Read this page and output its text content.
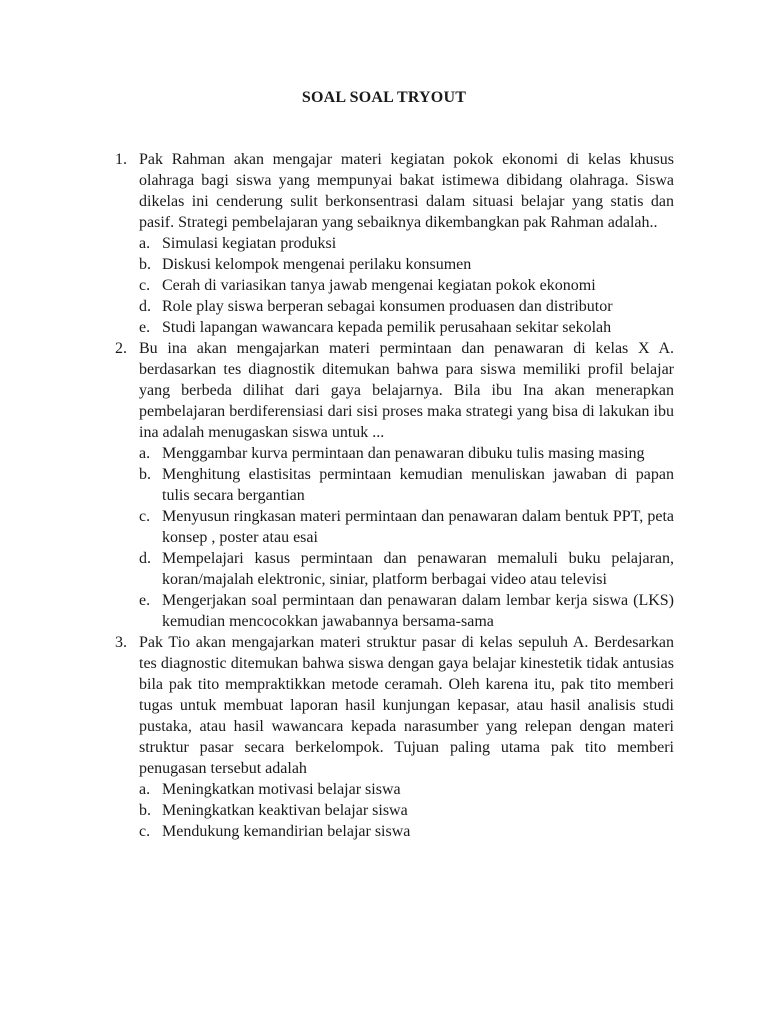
SOAL SOAL TRYOUT
1. Pak Rahman akan mengajar materi kegiatan pokok ekonomi di kelas khusus olahraga bagi siswa yang mempunyai bakat istimewa dibidang olahraga. Siswa dikelas ini cenderung sulit berkonsentrasi dalam situasi belajar yang statis dan pasif. Strategi pembelajaran yang sebaiknya dikembangkan pak Rahman adalah..
a. Simulasi kegiatan produksi
b. Diskusi kelompok mengenai perilaku konsumen
c. Cerah di variasikan tanya jawab mengenai kegiatan pokok ekonomi
d. Role play siswa berperan sebagai konsumen produasen dan distributor
e. Studi lapangan wawancara kepada pemilik perusahaan sekitar sekolah
2. Bu ina akan mengajarkan materi permintaan dan penawaran di kelas X A. berdasarkan tes diagnostik ditemukan bahwa para siswa memiliki profil belajar yang berbeda dilihat dari gaya belajarnya. Bila ibu Ina akan menerapkan pembelajaran berdiferensiasi dari sisi proses maka strategi yang bisa di lakukan ibu ina adalah menugaskan siswa untuk ...
a. Menggambar kurva permintaan dan penawaran dibuku tulis masing masing
b. Menghitung elastisitas permintaan kemudian menuliskan jawaban di papan tulis secara bergantian
c. Menyusun ringkasan materi permintaan dan penawaran dalam bentuk PPT, peta konsep , poster atau esai
d. Mempelajari kasus permintaan dan penawaran memaluli buku pelajaran, koran/majalah elektronic, siniar, platform berbagai video atau televisi
e. Mengerjakan soal permintaan dan penawaran dalam lembar kerja siswa (LKS) kemudian mencocokkan jawabannya bersama-sama
3. Pak Tio akan mengajarkan materi struktur pasar di kelas sepuluh A. Berdesarkan tes diagnostic ditemukan bahwa siswa dengan gaya belajar kinestetik tidak antusias bila pak tito mempraktikkan metode ceramah. Oleh karena itu, pak tito memberi tugas untuk membuat laporan hasil kunjungan kepasar, atau hasil analisis studi pustaka, atau hasil wawancara kepada narasumber yang relepan dengan materi struktur pasar secara berkelompok. Tujuan paling utama pak tito memberi penugasan tersebut adalah
a. Meningkatkan motivasi belajar siswa
b. Meningkatkan keaktivan belajar siswa
c. Mendukung kemandirian belajar siswa
